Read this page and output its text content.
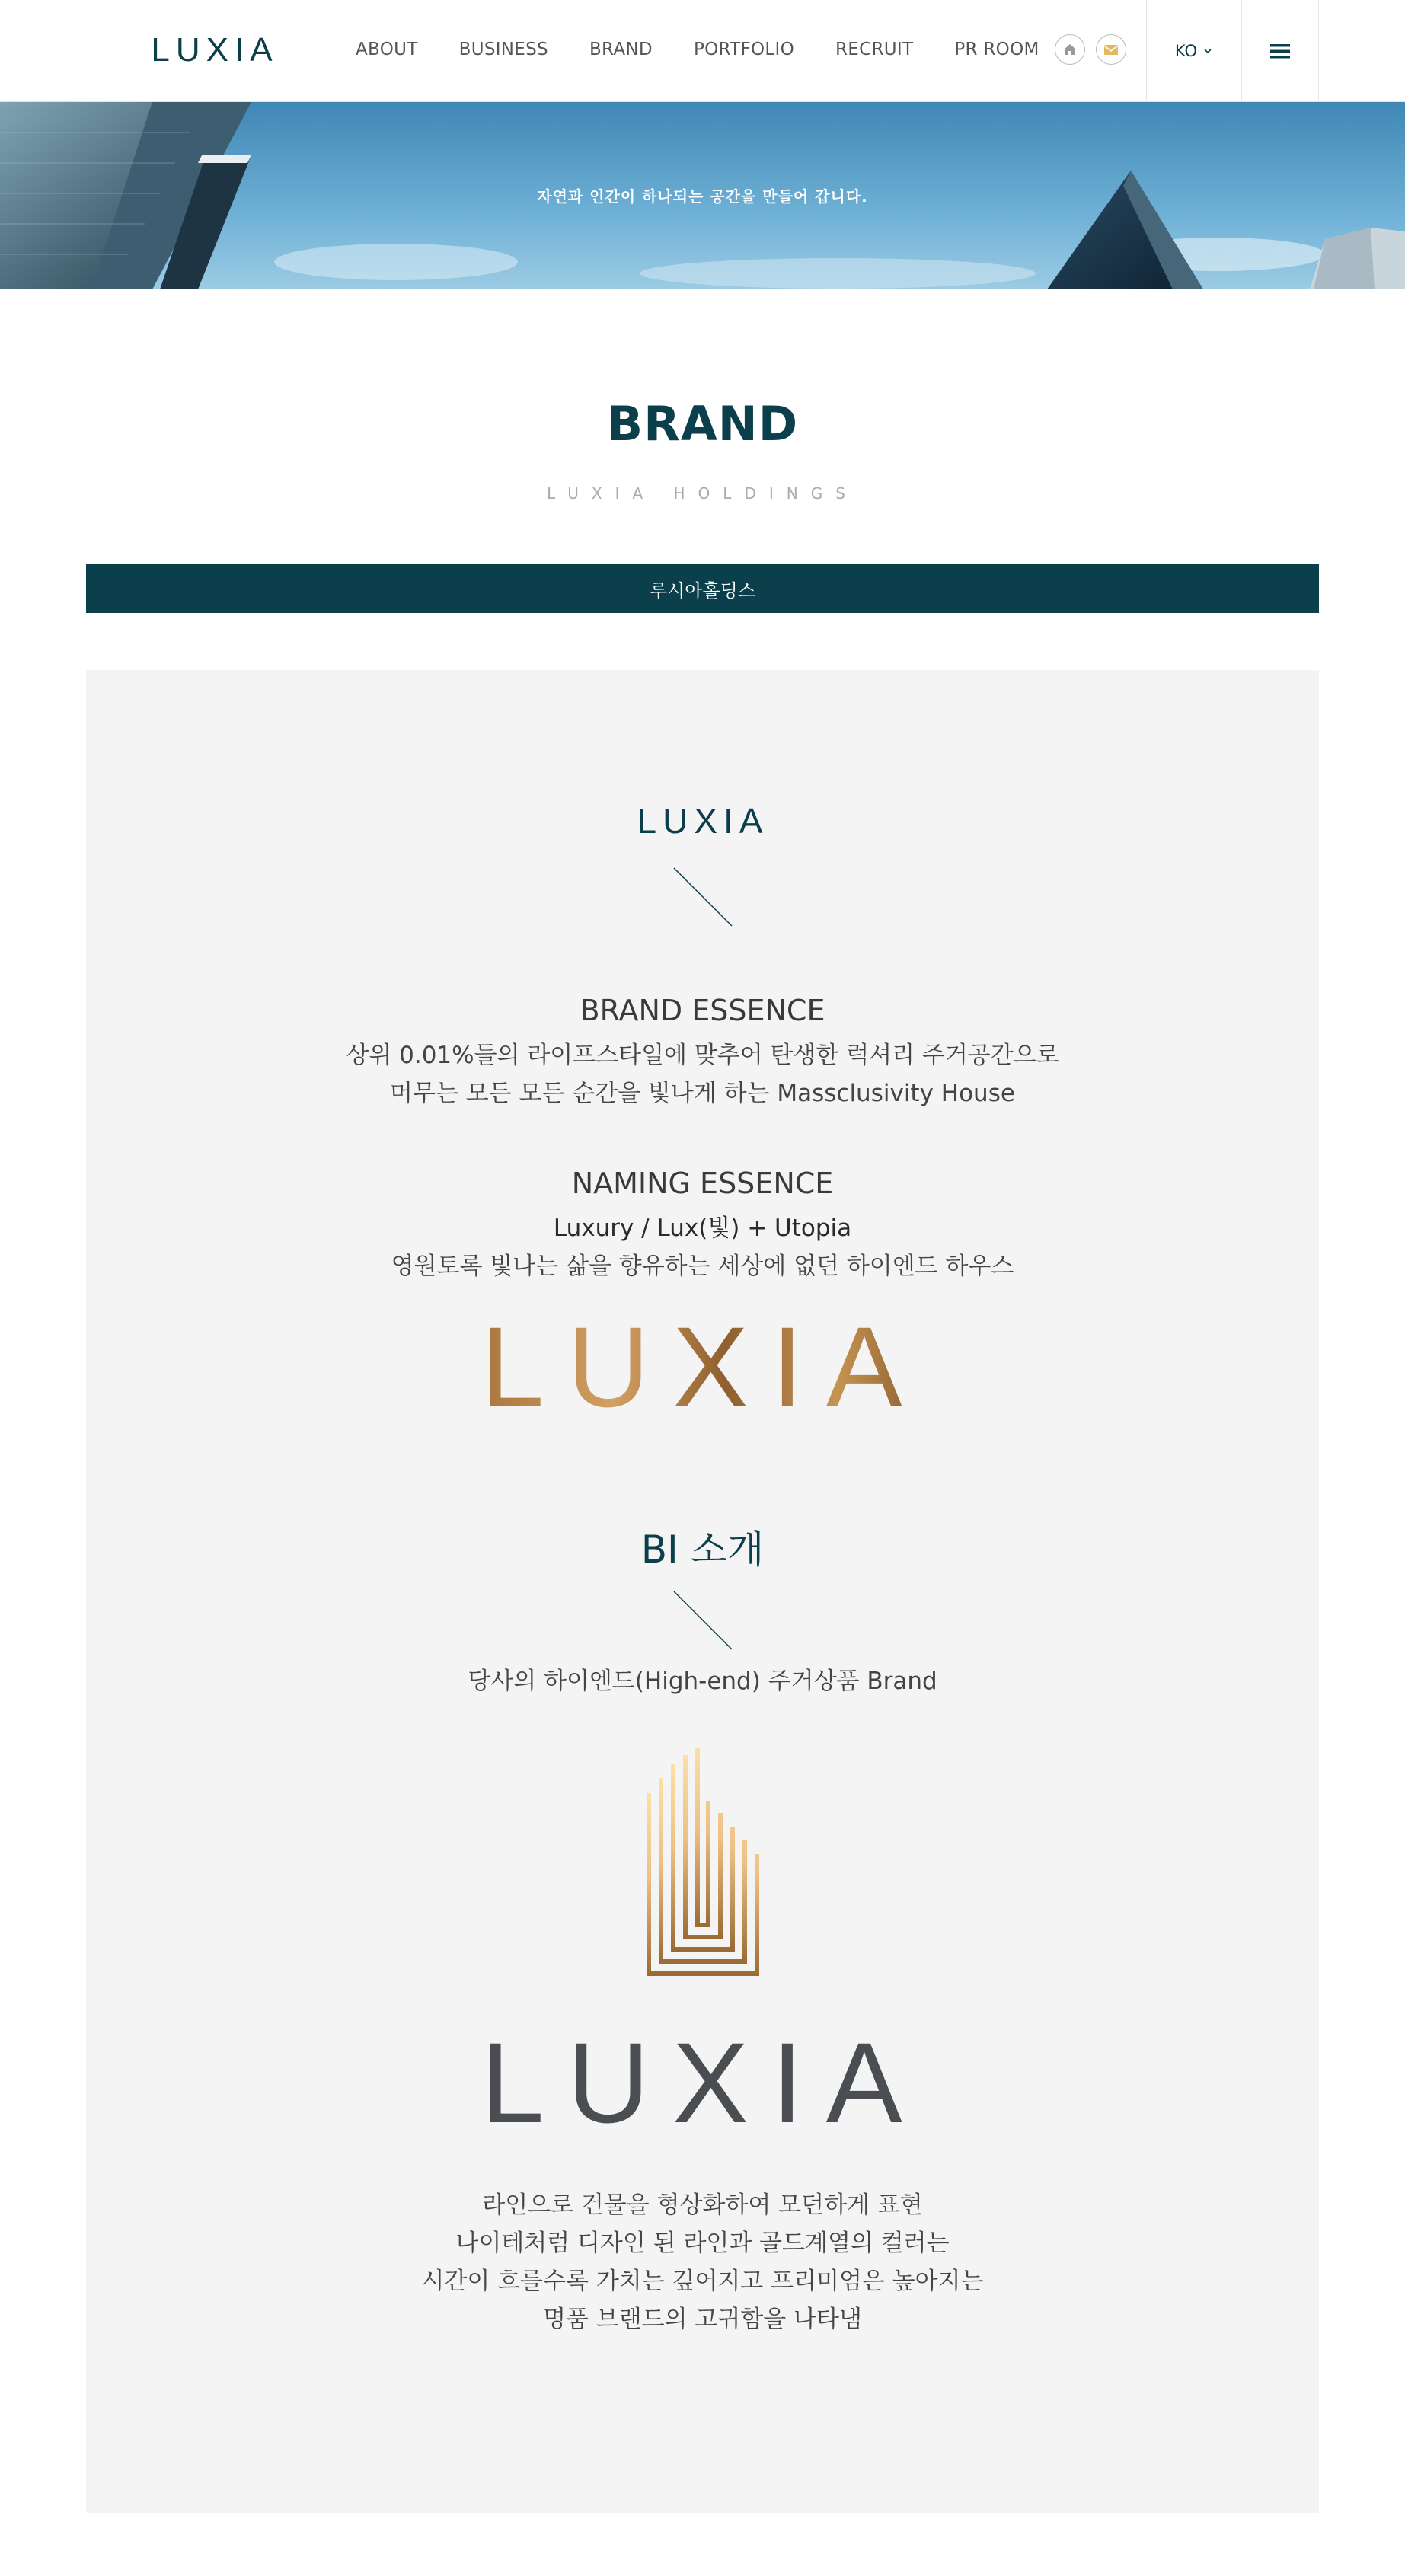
LUXIA	ABOUT BUSINESS BRAND PORTFOLIO RECRUIT PR ROOM	KO
자연과 인간이 하나되는 공간을 만들어 갑니다.
BRAND
LUXIA HOLDINGS
루시아홀딩스
LUXIA
BRAND ESSENCE
상위 0.01%들의 라이프스타일에 맞추어 탄생한 럭셔리 주거공간으로
머무는 모든 모든 순간을 빛나게 하는 Massclusivity House
NAMING ESSENCE
Luxury / Lux(빛) + Utopia
영원토록 빛나는 삶을 향유하는 세상에 없던 하이엔드 하우스
LUXIA
BI 소개
당사의 하이엔드(High-end) 주거상품 Brand
LUXIA
라인으로 건물을 형상화하여 모던하게 표현
나이테처럼 디자인 된 라인과 골드계열의 컬러는
시간이 흐를수록 가치는 깊어지고 프리미엄은 높아지는
명품 브랜드의 고귀함을 나타냄
